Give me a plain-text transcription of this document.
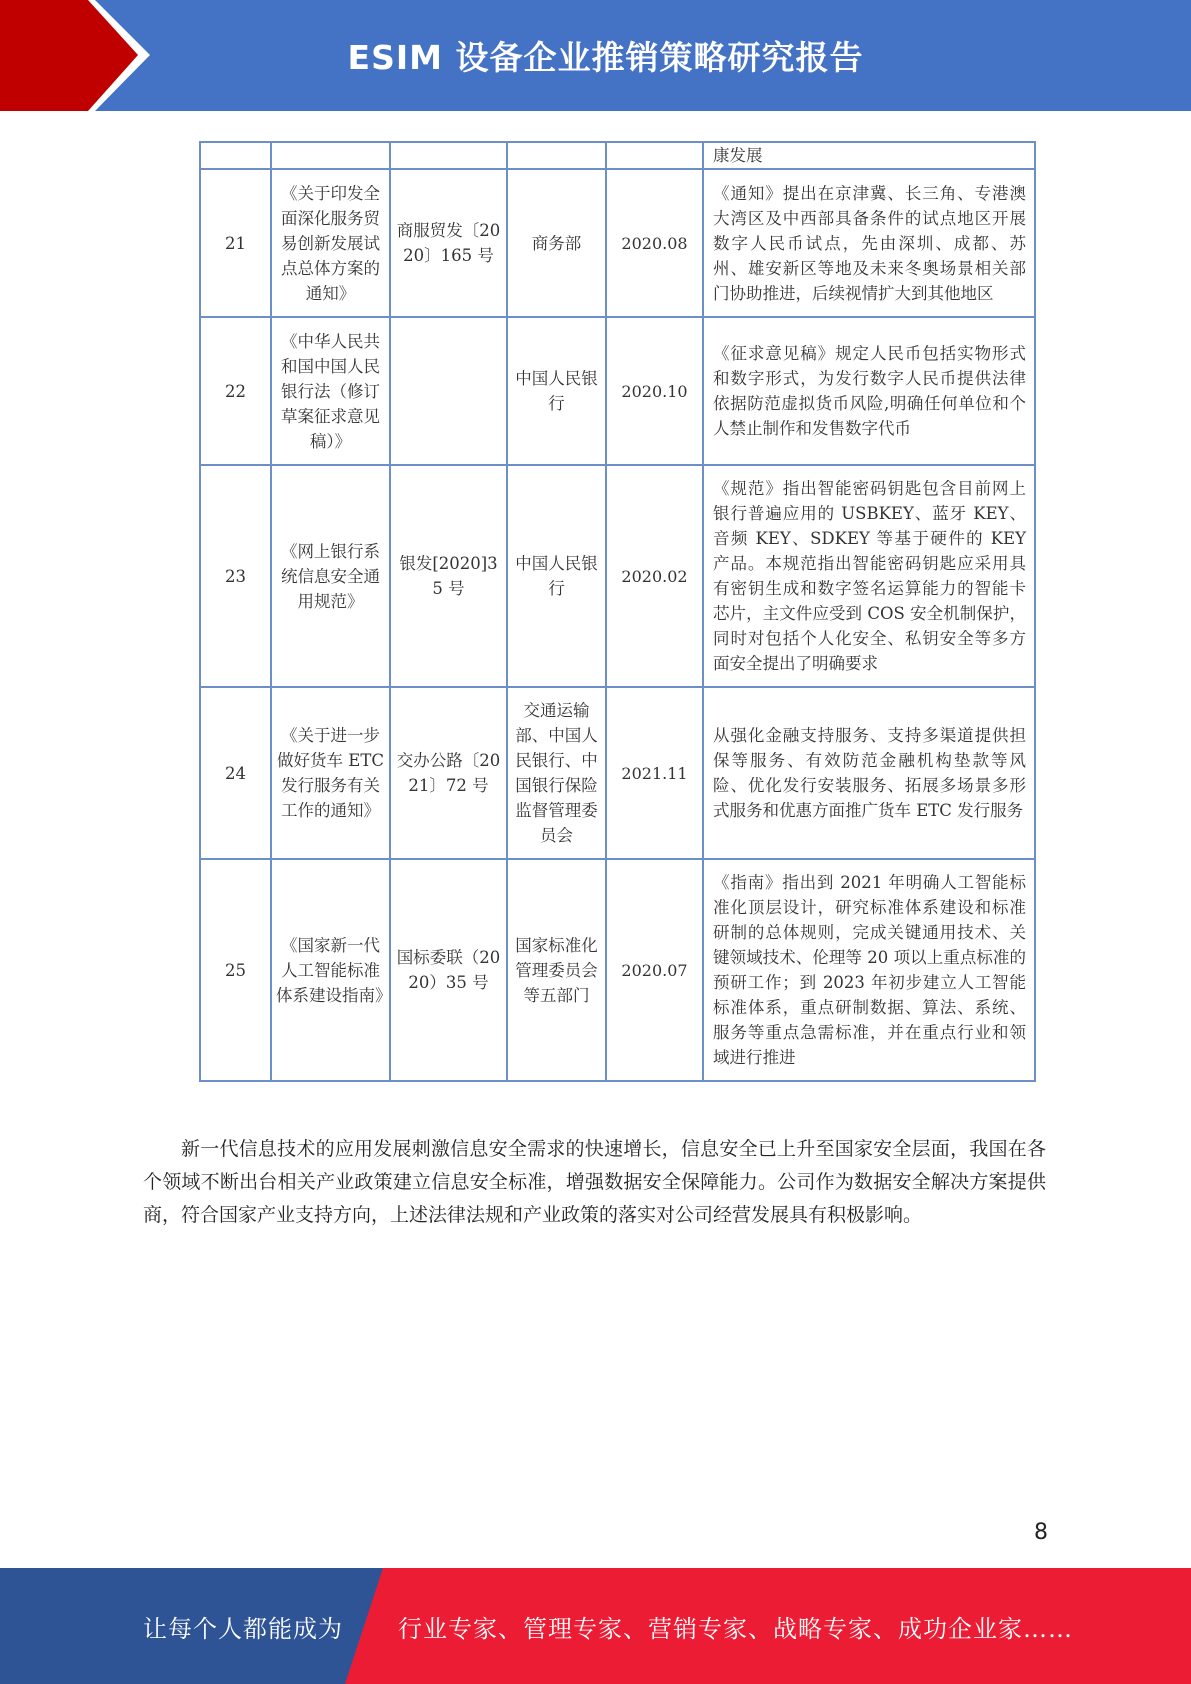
ESIM 设备企业推销策略研究报告
					康发展
21	《关于印发全面深化服务贸易创新发展试点总体方案的通知》	商服贸发〔2020〕165 号	商务部	2020.08	《通知》提出在京津冀、长三角、专港澳大湾区及中西部具备条件的试点地区开展数字人民币试点，先由深圳、成都、苏州、雄安新区等地及未来冬奥场景相关部门协助推进，后续视情扩大到其他地区
22	《中华人民共和国中国人民银行法（修订草案征求意见稿）》		中国人民银行	2020.10	《征求意见稿》规定人民币包括实物形式和数字形式，为发行数字人民币提供法律依据防范虚拟货币风险,明确任何单位和个人禁止制作和发售数字代币
23	《网上银行系统信息安全通用规范》	银发[2020]35 号	中国人民银行	2020.02	《规范》指出智能密码钥匙包含目前网上银行普遍应用的 USBKEY、蓝牙 KEY、音频 KEY、SDKEY 等基于硬件的 KEY 产品。本规范指出智能密码钥匙应采用具有密钥生成和数字签名运算能力的智能卡芯片，主文件应受到 COS 安全机制保护，同时对包括个人化安全、私钥安全等多方面安全提出了明确要求
24	《关于进一步做好货车 ETC 发行服务有关工作的通知》	交办公路〔2021〕72 号	交通运输部、中国人民银行、中国银行保险监督管理委员会	2021.11	从强化金融支持服务、支持多渠道提供担保等服务、有效防范金融机构垫款等风险、优化发行安装服务、拓展多场景多形式服务和优惠方面推广货车 ETC 发行服务
25	《国家新一代人工智能标准体系建设指南》	国标委联（2020）35 号	国家标准化管理委员会等五部门	2020.07	《指南》指出到 2021 年明确人工智能标准化顶层设计，研究标准体系建设和标准研制的总体规则，完成关键通用技术、关键领域技术、伦理等 20 项以上重点标准的预研工作；到 2023 年初步建立人工智能标准体系，重点研制数据、算法、系统、服务等重点急需标准，并在重点行业和领域进行推进

新一代信息技术的应用发展刺激信息安全需求的快速增长，信息安全已上升至国家安全层面，我国在各个领域不断出台相关产业政策建立信息安全标准，增强数据安全保障能力。公司作为数据安全解决方案提供商，符合国家产业支持方向，上述法律法规和产业政策的落实对公司经营发展具有积极影响。

8
让每个人都能成为 行业专家、管理专家、营销专家、战略专家、成功企业家……
